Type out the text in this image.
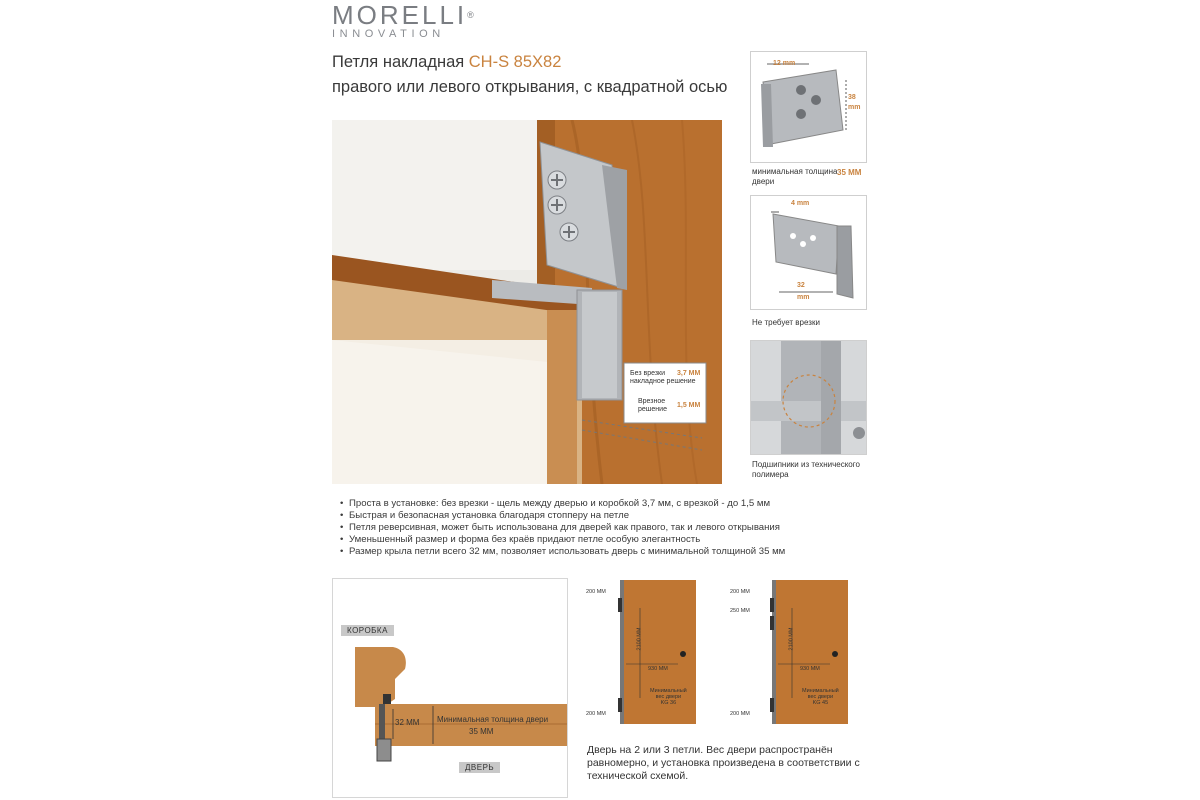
MORELLI®
INNOVATION
Петля накладная CH-S 85X82
правого или левого открывания, с квадратной осью
Без врезки
накладное решение
3,7 ММ
Врезное
решение
1,5 ММ
12 mm
38
mm
минимальная толщина
двери
35 ММ
4 mm
32
mm
Не требует врезки
Подшипники из технического
полимера
• Проста в установке: без врезки - щель между дверью и коробкой 3,7 мм, с врезкой - до 1,5 мм
• Быстрая и безопасная установка благодаря стопперу на петле
• Петля реверсивная, может быть использована для дверей как правого, так и левого открывания
• Уменьшенный размер и форма без краёв придают петле особую элегантность
• Размер крыла петли всего 32 мм, позволяет использовать дверь с минимальной толщиной 35 мм
КОРОБКА
ДВЕРЬ
Минимальная толщина двери
35 ММ
32 ММ
200 ММ
200 ММ
2100 ММ
930 ММ
Минимальный
вес двери
KG 36
200 ММ
250 ММ
200 ММ
2100 ММ
930 ММ
Минимальный
вес двери
KG 45
Дверь на 2 или 3 петли. Вес двери распространён равномерно, и установка произведена в соответствии с технической схемой.
